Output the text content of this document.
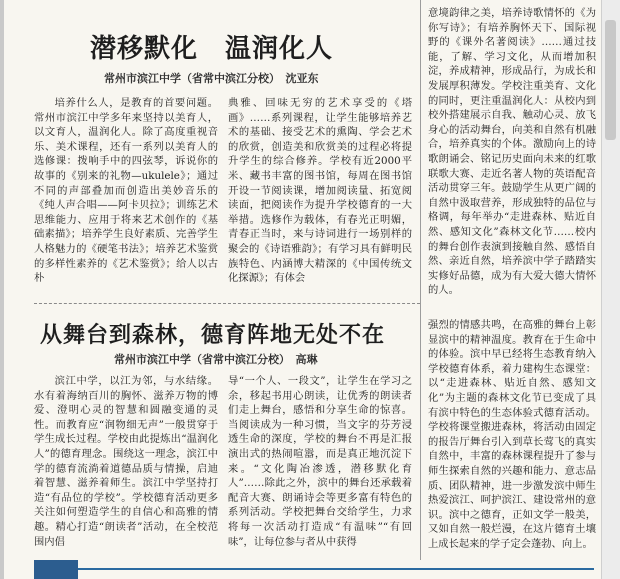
潜移默化　温润化人
常州市滨江中学（省常中滨江分校）　沈亚东

培养什么人，是教育的首要问题。常州市滨江中学多年来坚持以美育人，以文育人，温润化人。除了高度重视音乐、美术课程，还有一系列以美育人的选修课：拨响手中的四弦琴，诉说你的故事的《别来的礼物—ukulele》；通过不同的声部叠加而创造出美妙音乐的《纯人声合唱——阿卡贝拉》；训练艺术思维能力、应用于将来艺术创作的《基础素描》；培养学生良好素质、完善学生人格魅力的《硬笔书法》；培养艺术鉴赏的多样性素养的《艺术鉴赏》；给人以古朴

典雅、回味无穷的艺术享受的《塔画》……系列课程，让学生能够培养艺术的基础、接受艺术的熏陶、学会艺术的欣赏，创造美和欣赏美的过程必将提升学生的综合修养。学校有近2000平米、藏书丰富的图书馆，每周在图书馆开设一节阅读课，增加阅读量、拓宽阅读面，把阅读作为提升学校德育的一大举措。选修作为载体，有春光正明媚，青春正当时，来与诗词进行一场别样的聚会的《诗语雅韵》；有学习具有鲜明民族特色、内涵博大精深的《中国传统文化探源》；有体会

意境韵律之美，培养诗歌情怀的《为你写诗》；有培养胸怀天下、国际视野的《课外名著阅读》……通过技能，了解、学习文化，从而增加积淀，养成精神，形成品行，为成长和发展厚积薄发。学校注重美育、文化的同时，更注重温润化人：从校内到校外搭建展示自我、触动心灵、放飞身心的活动舞台，向美和自然有机融合，培养真实的个体。激励向上的诗歌朗诵会、铭记历史面向未来的红歌联歌大赛、走近名著人物的英语配音活动贯穿三年。鼓励学生从更广阔的自然中汲取营养，形成独特的品位与格调，每年举办“走进森林、贴近自然、感知文化”森林文化节……校内的舞台创作表演到接触自然、感悟自然、亲近自然，培养滨中学子踏踏实实修好品德，成为有大爱大德大情怀的人。

从舞台到森林，德育阵地无处不在
常州市滨江中学（省常中滨江分校）　高琳

滨江中学，以江为邻，与水结缘。水有着海纳百川的胸怀、滋养万物的博爱、澄明心灵的智慧和圆融变通的灵性。而教育应“润物细无声”一般贯穿于学生成长过程。学校由此提炼出“温润化人”的德育理念。围绕这一理念，滨江中学的德育流淌着道德品质与情操，启迪着智慧、滋养着师生。滨江中学坚持打造“有品位的学校”。学校德育活动更多关注如何塑造学生的自信心和高雅的情趣。精心打造“朗读者”活动，在全校范围内倡

导“一个人、一段文”，让学生在学习之余，移起书用心朗读，让优秀的朗读者们走上舞台，感悟和分享生命的惊喜。当阅读成为一种习惯，当文字的芬芳浸透生命的深度，学校的舞台不再是汇报演出式的热闹喧嚣，而是真正地沉淀下来。“文化陶冶渗透，潜移默化育人”……除此之外，滨中的舞台还承载着配音大赛、朗诵诗会等更多富有特色的系列活动。学校把舞台交给学生，力求将每一次活动打造成“有温味”“有回味”，让每位参与者从中获得

强烈的情感共鸣，在高雅的舞台上彰显滨中的精神温度。教育在于生命中的体验。滨中早已经将生态教育纳入学校德育体系，着力建构生态课堂：以“走进森林、贴近自然、感知文化”为主题的森林文化节已变成了具有滨中特色的生态体验式德育活动。学校将课堂搬进森林，将活动由固定的报告厅舞台引入到草长莺飞的真实自然中，丰富的森林课程提升了参与师生探索自然的兴趣和能力、意志品质、团队精神，进一步激发滨中师生热爱滨江、呵护滨江、建设常州的意识。滨中之德育，正如文学一般美，又如自然一般烂漫，在这片德育土壤上成长起来的学子定会蓬勃、向上。
